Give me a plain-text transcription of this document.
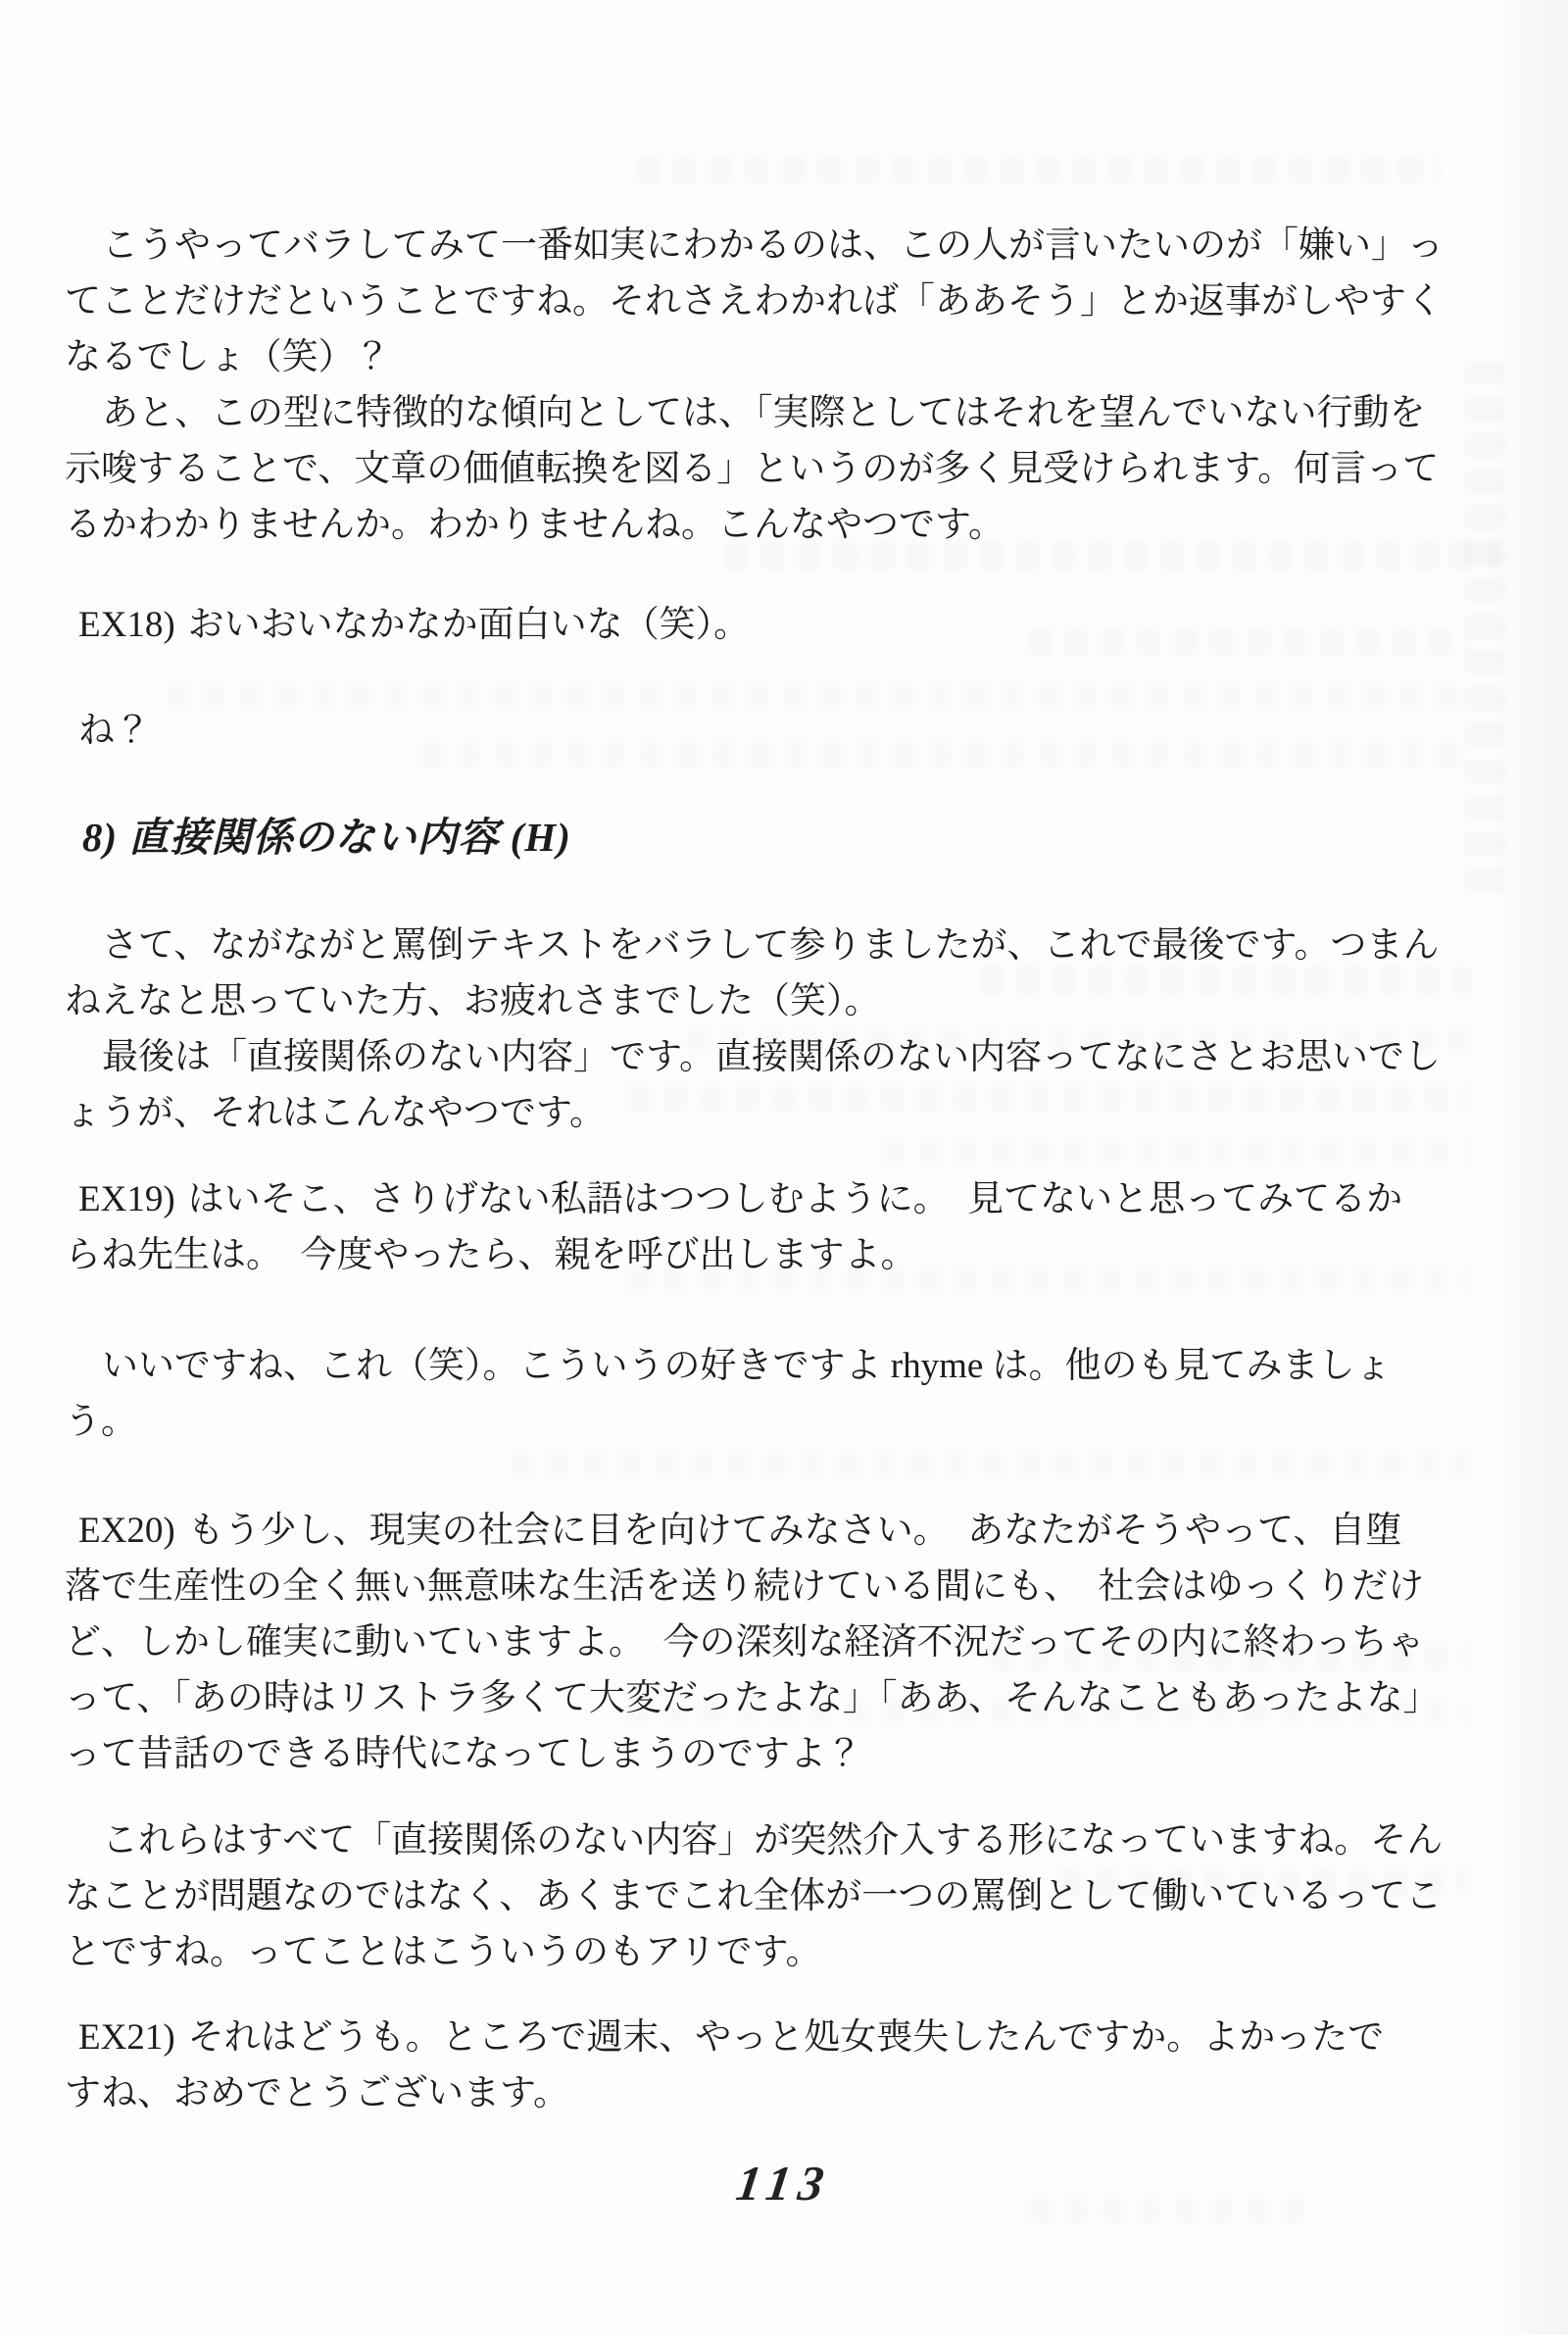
こうやってバラしてみて一番如実にわかるのは、この人が言いたいのが「嫌い」っ
てことだけだということですね。それさえわかれば「ああそう」とか返事がしやすく
なるでしょ（笑）？
あと、この型に特徴的な傾向としては、「実際としてはそれを望んでいない行動を
示唆することで、文章の価値転換を図る」というのが多く見受けられます。何言って
るかわかりませんか。わかりませんね。こんなやつです。
EX18) おいおいなかなか面白いな（笑）。
ね？
8) 直接関係のない内容 (H)
さて、ながながと罵倒テキストをバラして参りましたが、これで最後です。つまん
ねえなと思っていた方、お疲れさまでした（笑）。
最後は「直接関係のない内容」です。直接関係のない内容ってなにさとお思いでし
ょうが、それはこんなやつです。
EX19) はいそこ、さりげない私語はつつしむように。　見てないと思ってみてるか
らね先生は。　今度やったら、親を呼び出しますよ。
いいですね、これ（笑）。こういうの好きですよ rhyme は。他のも見てみましょ
う。
EX20) もう少し、現実の社会に目を向けてみなさい。　あなたがそうやって、自堕
落で生産性の全く無い無意味な生活を送り続けている間にも、　社会はゆっくりだけ
ど、しかし確実に動いていますよ。　今の深刻な経済不況だってその内に終わっちゃ
って、「あの時はリストラ多くて大変だったよな」「ああ、そんなこともあったよな」
って昔話のできる時代になってしまうのですよ？
これらはすべて「直接関係のない内容」が突然介入する形になっていますね。そん
なことが問題なのではなく、あくまでこれ全体が一つの罵倒として働いているってこ
とですね。ってことはこういうのもアリです。
EX21) それはどうも。ところで週末、やっと処女喪失したんですか。よかったで
すね、おめでとうございます。
113
